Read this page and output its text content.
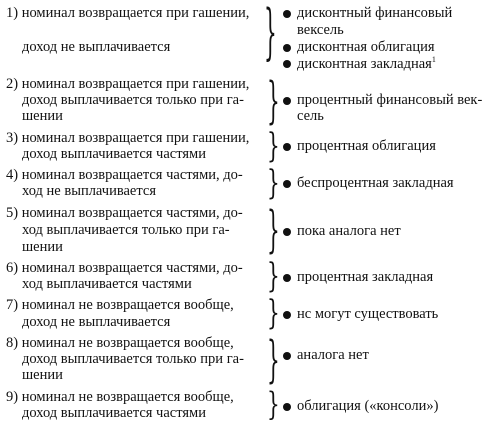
1) номинал возвращается при гашении,
доход не выплачивается	} дисконтный финансовый
вексель
дисконтная облигация
дисконтная закладная$^1$
2) номинал возвращается при гашении,
доход выплачивается только при га-
шении	} процентный финансовый век-
сель
3) номинал возвращается при гашении,
доход выплачивается частями	} процентная облигация
4) номинал возвращается частями, до-
ход не выплачивается	} беспроцентная закладная
5) номинал возвращается частями, до-
ход выплачивается только при га-
шении	} пока аналога нет
6) номинал возвращается частями, до-
ход выплачивается частями	} процентная закладная
7) номинал не возвращается вообще,
доход не выплачивается	} нс могут существовать
8) номинал не возвращается вообще,
доход выплачивается только при га-
шении	} аналога нет
9) номинал не возвращается вообще,
доход выплачивается частями	} облигация («консоли»)
